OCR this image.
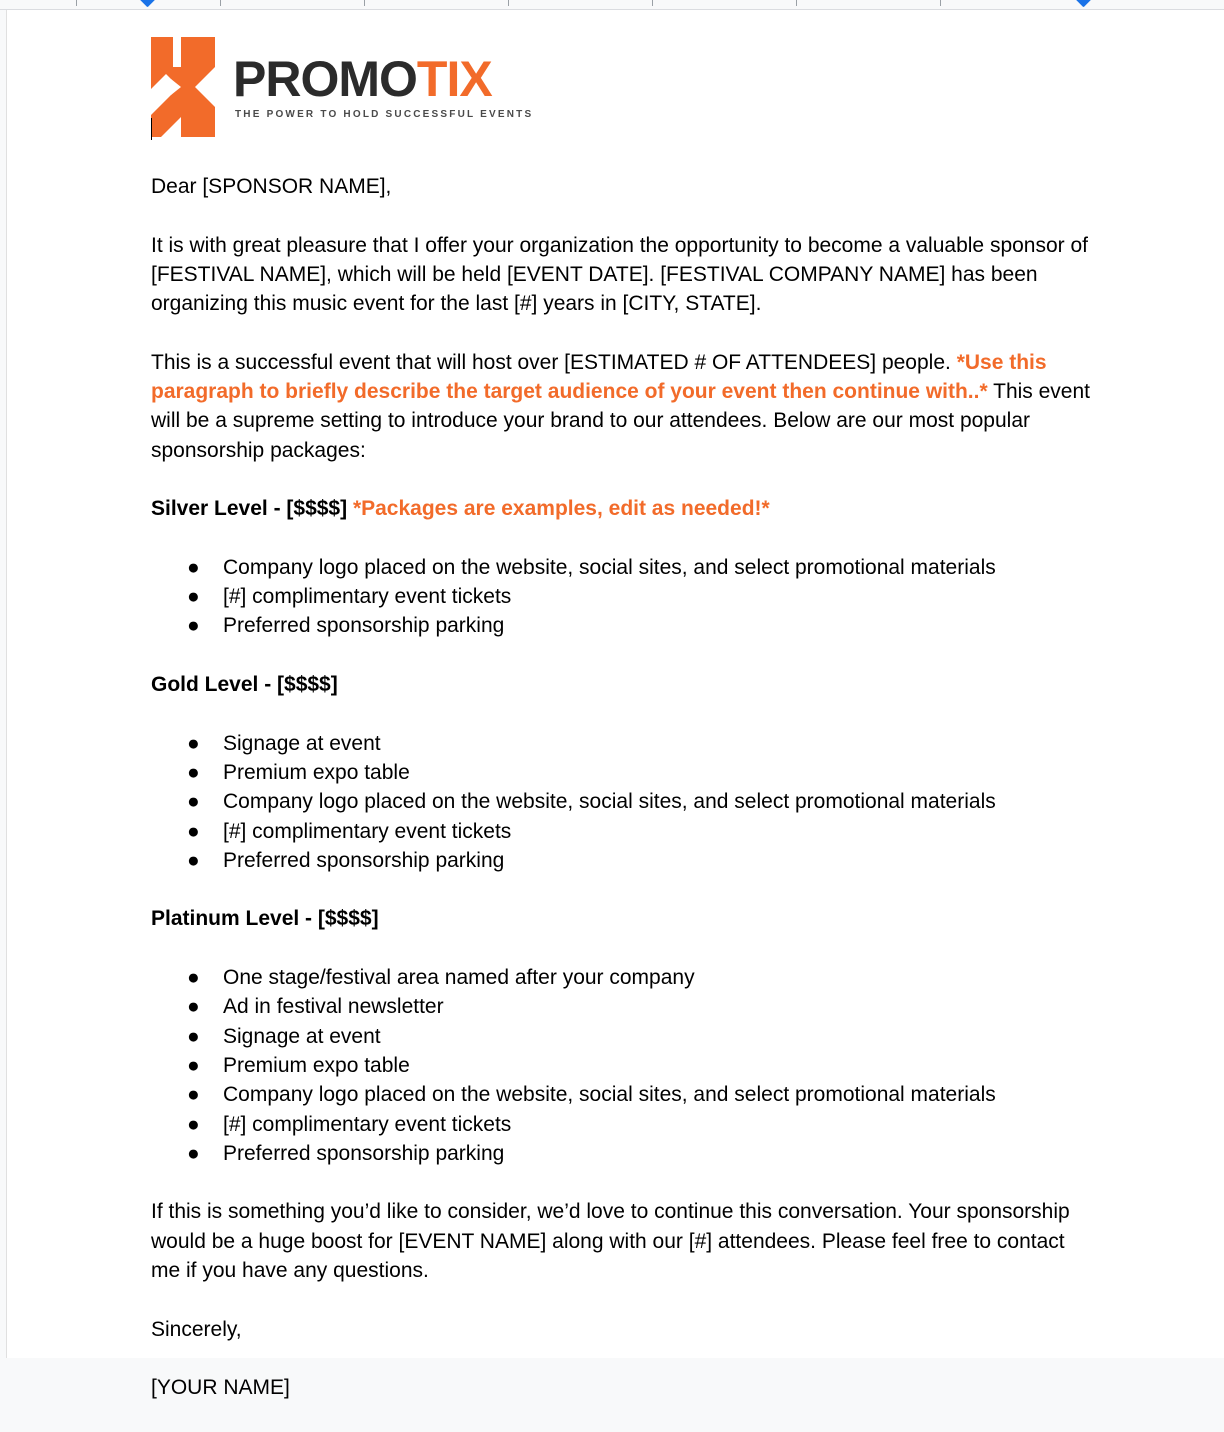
PROMOTIX
THE POWER TO HOLD SUCCESSFUL EVENTS

Dear [SPONSOR NAME],

It is with great pleasure that I offer your organization the opportunity to become a valuable sponsor of [FESTIVAL NAME], which will be held [EVENT DATE]. [FESTIVAL COMPANY NAME] has been organizing this music event for the last [#] years in [CITY, STATE].

This is a successful event that will host over [ESTIMATED # OF ATTENDEES] people. *Use this paragraph to briefly describe the target audience of your event then continue with..* This event will be a supreme setting to introduce your brand to our attendees. Below are our most popular sponsorship packages:

Silver Level - [$$$$] *Packages are examples, edit as needed!*

● Company logo placed on the website, social sites, and select promotional materials
● [#] complimentary event tickets
● Preferred sponsorship parking

Gold Level - [$$$$]

● Signage at event
● Premium expo table
● Company logo placed on the website, social sites, and select promotional materials
● [#] complimentary event tickets
● Preferred sponsorship parking

Platinum Level - [$$$$]

● One stage/festival area named after your company
● Ad in festival newsletter
● Signage at event
● Premium expo table
● Company logo placed on the website, social sites, and select promotional materials
● [#] complimentary event tickets
● Preferred sponsorship parking

If this is something you’d like to consider, we’d love to continue this conversation. Your sponsorship would be a huge boost for [EVENT NAME] along with our [#] attendees. Please feel free to contact me if you have any questions.

Sincerely,

[YOUR NAME]
